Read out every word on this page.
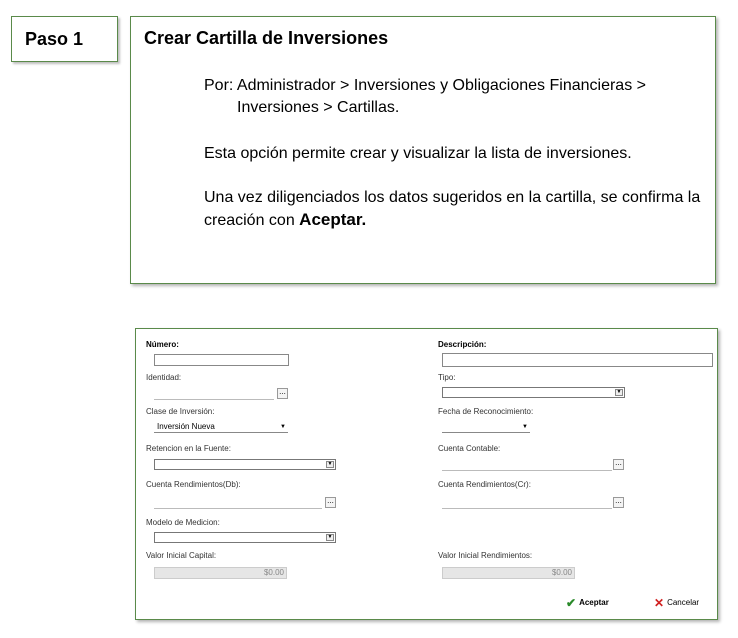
Paso 1	Crear Cartilla de Inversiones
Por: Administrador > Inversiones y Obligaciones Financieras >
Inversiones > Cartillas.
Esta opción permite crear y visualizar la lista de inversiones.
Una vez diligenciados los datos sugeridos en la cartilla, se confirma la creación con Aceptar.
Número:
Identidad:
...
Clase de Inversión:
Inversión Nueva	▼
Retencion en la Fuente:
▼
Cuenta Rendimientos(Db):
...
Modelo de Medicion:
▼
Valor Inicial Capital:
$0.00
Descripción:
Tipo:
▼
Fecha de Reconocimiento:
▼
Cuenta Contable:
...
Cuenta Rendimientos(Cr):
...
Valor Inicial Rendimientos:
$0.00
✔ Aceptar	✕ Cancelar
